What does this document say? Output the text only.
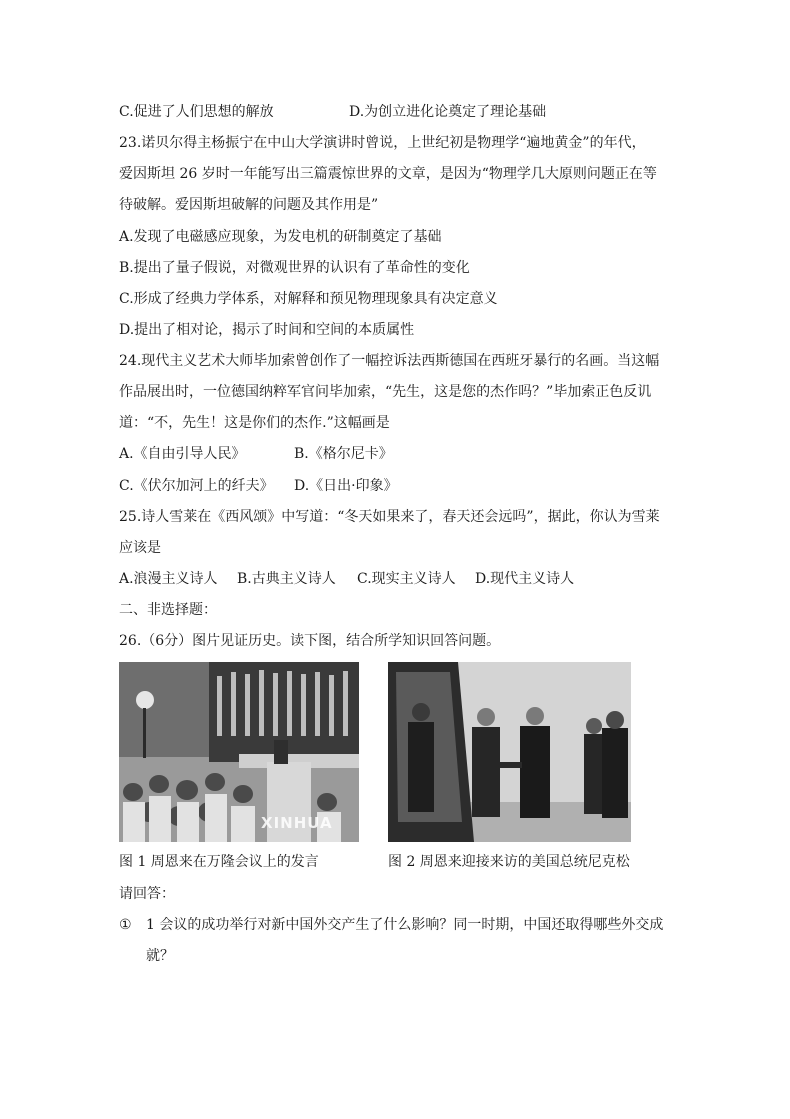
C.促进了人们思想的解放	D.为创立进化论奠定了理论基础
23.诺贝尔得主杨振宁在中山大学演讲时曾说，上世纪初是物理学“遍地黄金”的年代，
爱因斯坦 26 岁时一年能写出三篇震惊世界的文章，是因为“物理学几大原则问题正在等
待破解。爱因斯坦破解的问题及其作用是”
A.发现了电磁感应现象，为发电机的研制奠定了基础
B.提出了量子假说，对微观世界的认识有了革命性的变化
C.形成了经典力学体系，对解释和预见物理现象具有决定意义
D.提出了相对论，揭示了时间和空间的本质属性
24.现代主义艺术大师毕加索曾创作了一幅控诉法西斯德国在西班牙暴行的名画。当这幅
作品展出时，一位德国纳粹军官问毕加索，“先生，这是您的杰作吗？”毕加索正色反讥
道：“不，先生！这是你们的杰作.”这幅画是
A.《自由引导人民》	B.《格尔尼卡》
C.《伏尔加河上的纤夫》 D.《日出·印象》
25.诗人雪莱在《西风颂》中写道：“冬天如果来了，春天还会远吗”，据此，你认为雪莱
应该是
A.浪漫主义诗人 B.古典主义诗人 C.现实主义诗人 D.现代主义诗人
二、非选择题：
26.（6分）图片见证历史。读下图，结合所学知识回答问题。
XINHUA
图 1 周恩来在万隆会议上的发言	图 2 周恩来迎接来访的美国总统尼克松
请回答：
① 1 会议的成功举行对新中国外交产生了什么影响？同一时期，中国还取得哪些外交成
就？
